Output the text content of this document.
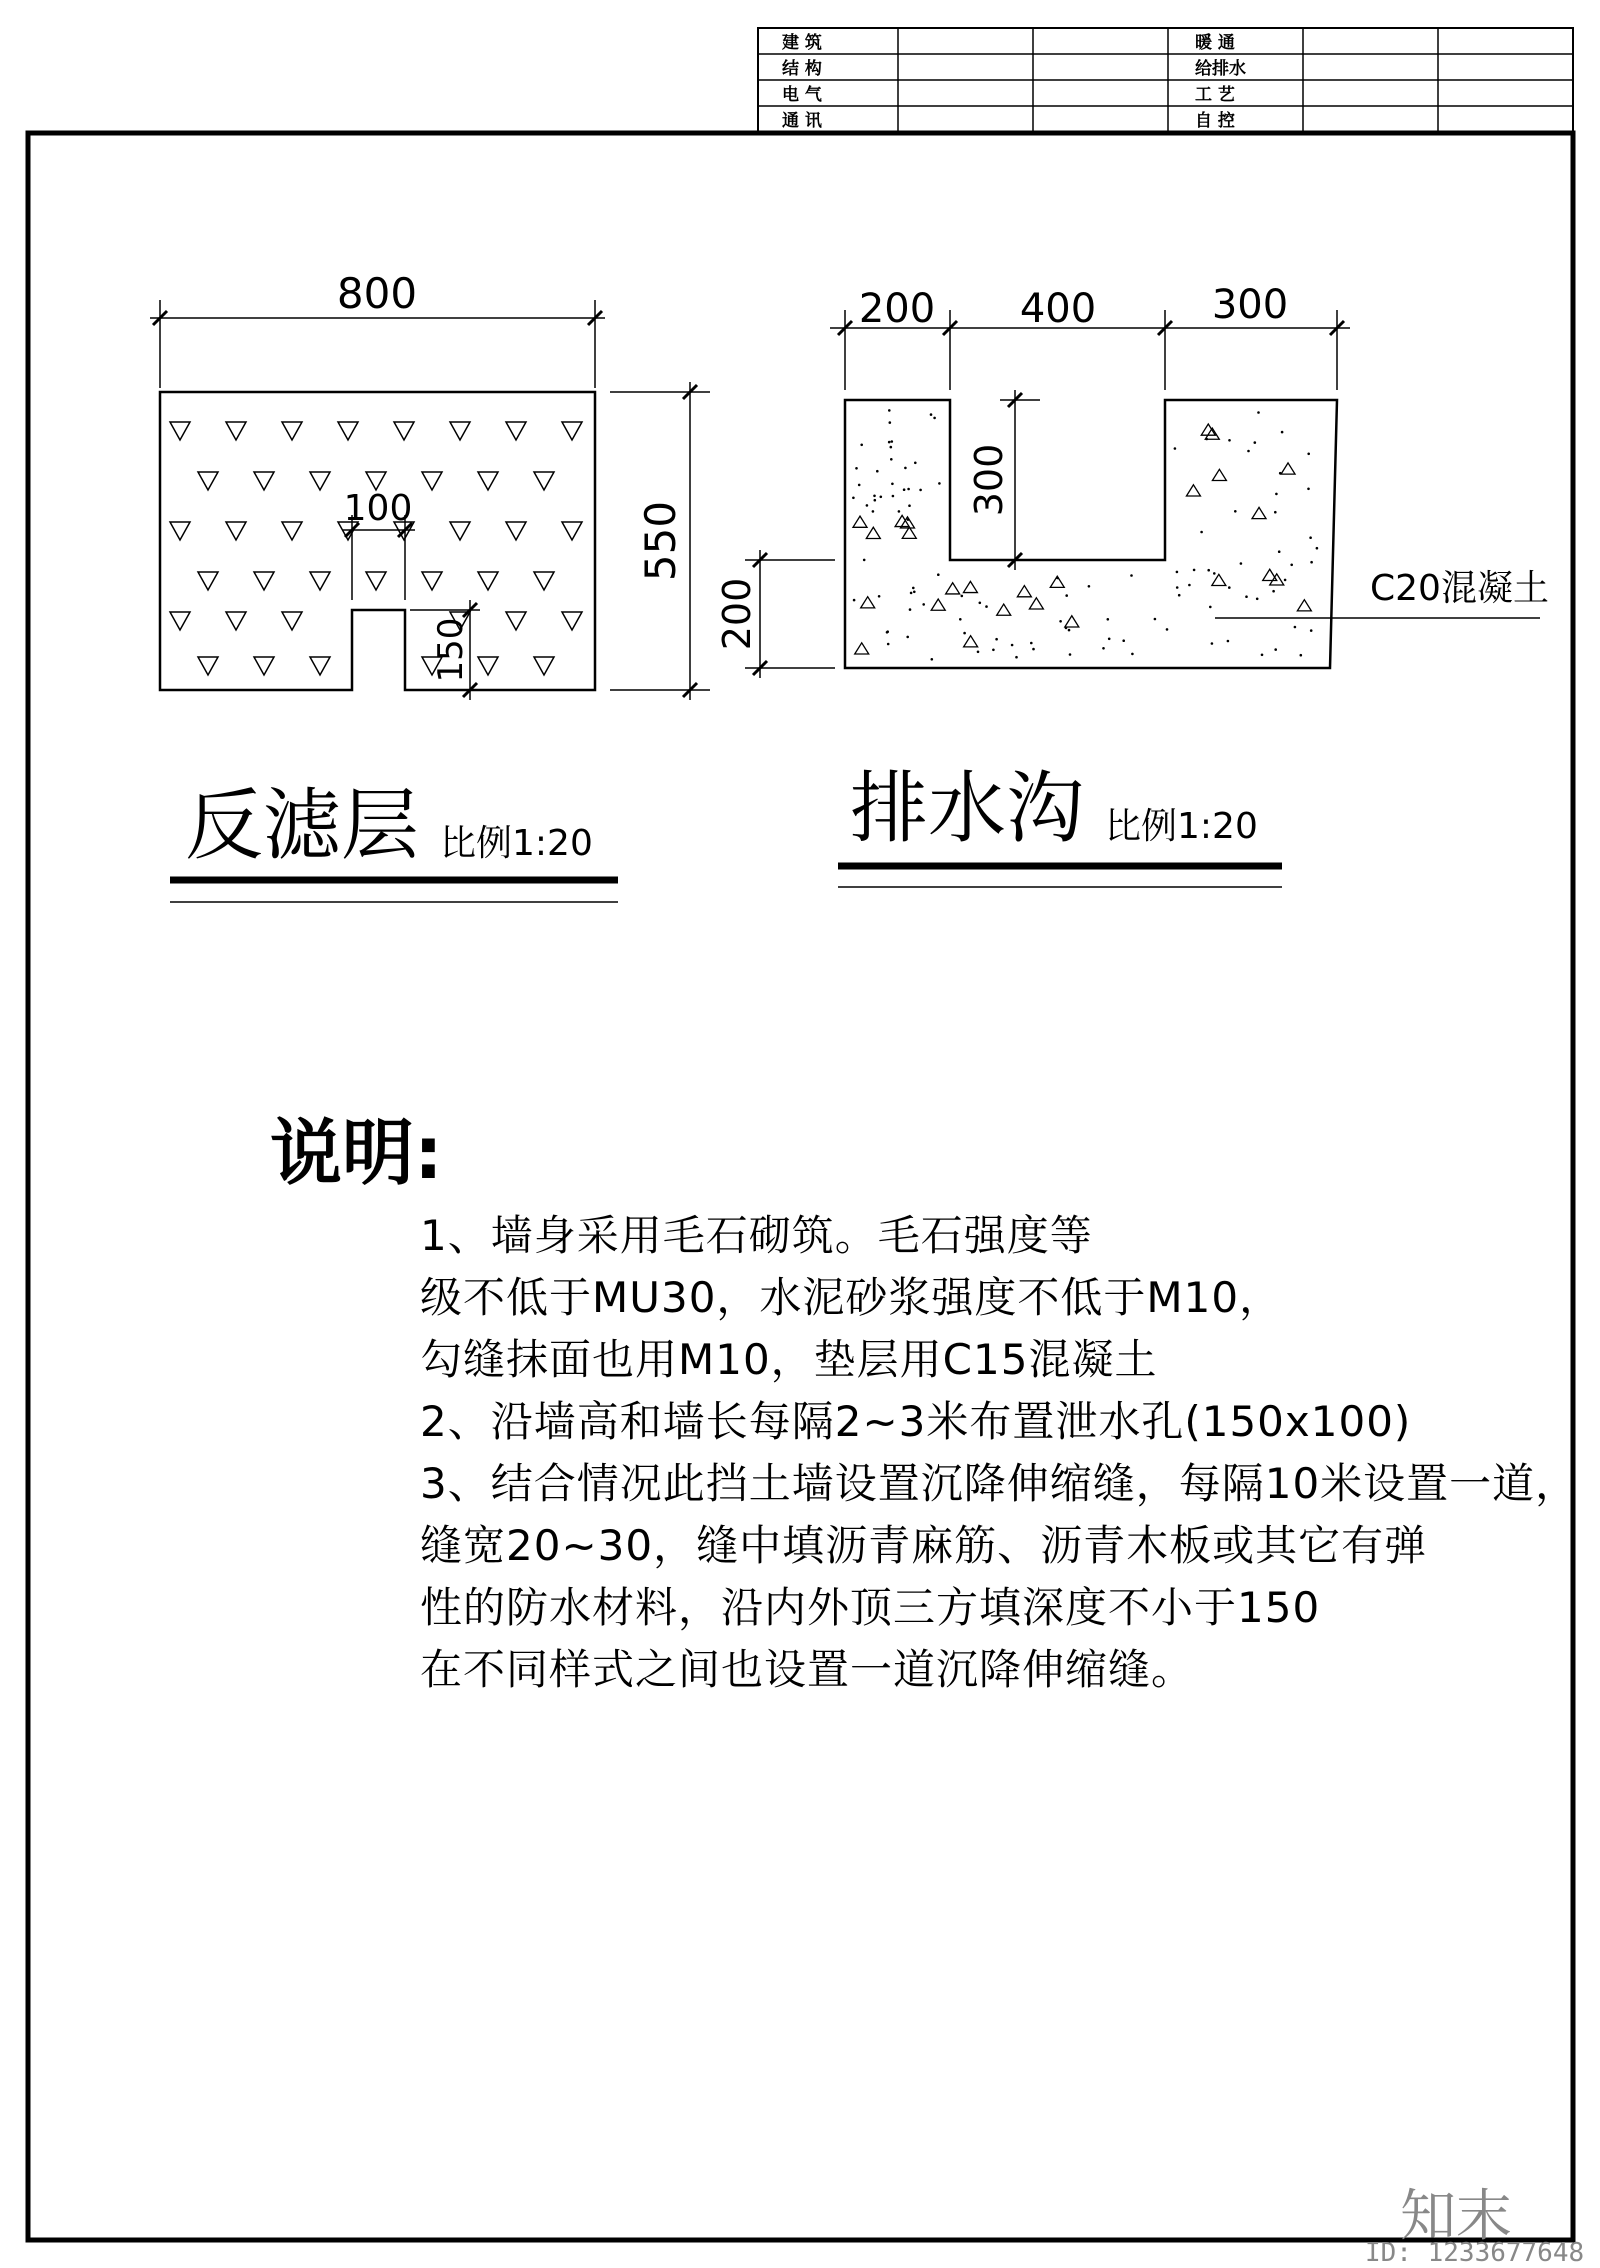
建 筑
结 构
电 气
通 讯
暖 通
给排水
工 艺
自 控
800
550
100
150
反滤层 比例1:20
200 400	300
300
200	C20混凝土
排水沟 比例1:20
说明:
1、墙身采用毛石砌筑。毛石强度等
级不低于MU30，水泥砂浆强度不低于M10，
勾缝抹面也用M10，垫层用C15混凝土
2、沿墙高和墙长每隔2~3米布置泄水孔(150x100)
3、结合情况此挡土墙设置沉降伸缩缝，每隔10米设置一道，
缝宽20~30，缝中填沥青麻筋、沥青木板或其它有弹
性的防水材料，沿内外顶三方填深度不小于150
在不同样式之间也设置一道沉降伸缩缝。
知末
ID: 1233677648
